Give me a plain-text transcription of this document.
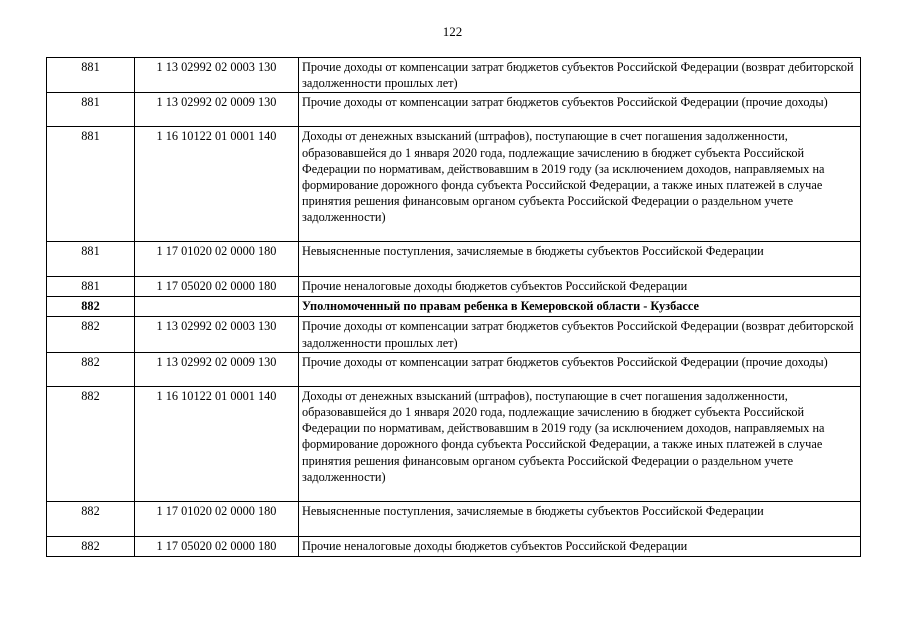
122
881	1 13 02992 02 0003 130	Прочие доходы от компенсации затрат бюджетов субъектов Российской Федерации (возврат дебиторской задолженности прошлых лет)
881	1 13 02992 02 0009 130	Прочие доходы от компенсации затрат бюджетов субъектов Российской Федерации (прочие доходы)
881	1 16 10122 01 0001 140	Доходы от денежных взысканий (штрафов), поступающие в счет погашения задолженности, образовавшейся до 1 января 2020 года, подлежащие зачислению в бюджет субъекта Российской Федерации по нормативам, действовавшим в 2019 году (за исключением доходов, направляемых на формирование дорожного фонда субъекта Российской Федерации, а также иных платежей в случае принятия решения финансовым органом субъекта Российской Федерации о раздельном учете задолженности)
881	1 17 01020 02 0000 180	Невыясненные поступления, зачисляемые в бюджеты субъектов Российской Федерации
881	1 17 05020 02 0000 180	Прочие неналоговые доходы бюджетов субъектов Российской Федерации
882		Уполномоченный по правам ребенка в Кемеровской области - Кузбассе
882	1 13 02992 02 0003 130	Прочие доходы от компенсации затрат бюджетов субъектов Российской Федерации (возврат дебиторской задолженности прошлых лет)
882	1 13 02992 02 0009 130	Прочие доходы от компенсации затрат бюджетов субъектов Российской Федерации (прочие доходы)
882	1 16 10122 01 0001 140	Доходы от денежных взысканий (штрафов), поступающие в счет погашения задолженности, образовавшейся до 1 января 2020 года, подлежащие зачислению в бюджет субъекта Российской Федерации по нормативам, действовавшим в 2019 году (за исключением доходов, направляемых на формирование дорожного фонда субъекта Российской Федерации, а также иных платежей в случае принятия решения финансовым органом субъекта Российской Федерации о раздельном учете задолженности)
882	1 17 01020 02 0000 180	Невыясненные поступления, зачисляемые в бюджеты субъектов Российской Федерации
882	1 17 05020 02 0000 180	Прочие неналоговые доходы бюджетов субъектов Российской Федерации
